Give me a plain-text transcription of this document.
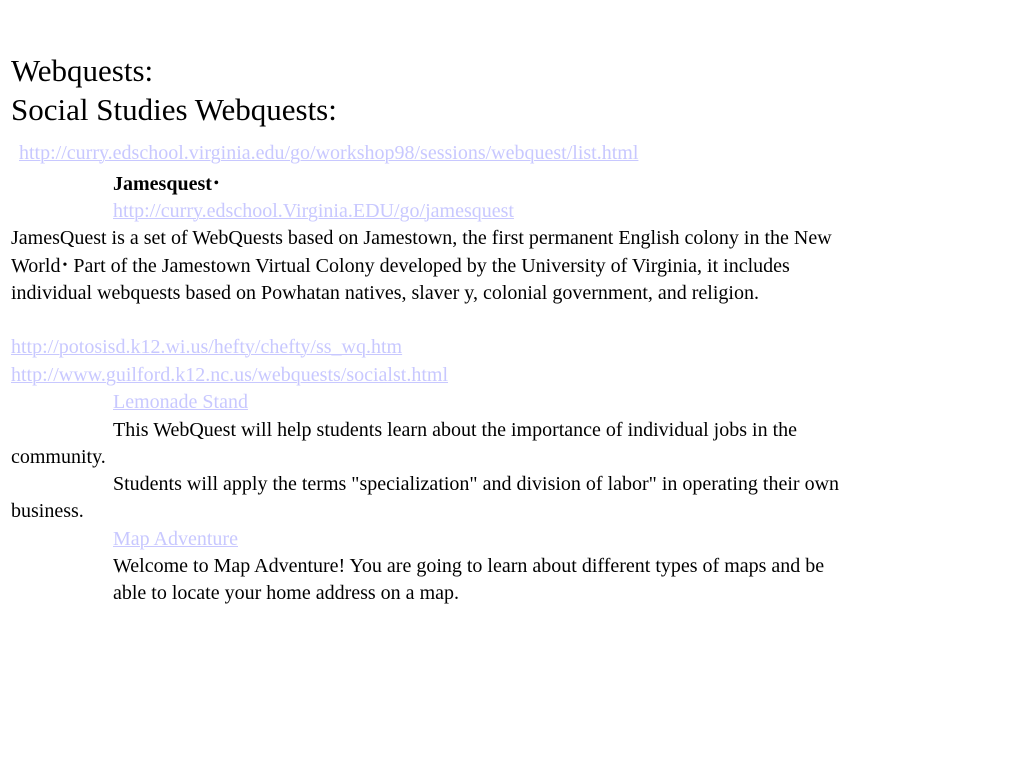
Webquests:
Social Studies Webquests:
http://curry.edschool.virginia.edu/go/workshop98/sessions/webquest/list.html
Jamesquest •
http://curry.edschool.Virginia.EDU/go/jamesquest
JamesQuest is a set of WebQuests based on Jamestown, the first permanent English colony in the New
World • Part of the Jamestown Virtual Colony developed by the University of Virginia, it includes
individual webquests based on Powhatan natives, slaver y, colonial government, and religion.
http://potosisd.k12.wi.us/hefty/chefty/ss_wq.htm
http://www.guilford.k12.nc.us/webquests/socialst.html
Lemonade Stand
This WebQuest will help students learn about the importance of individual jobs in the
community.
Students will apply the terms "specialization" and division of labor" in operating their own
business.
Map Adventure
Welcome to Map Adventure! You are going to learn about different types of maps and be
able to locate your home address on a map.
